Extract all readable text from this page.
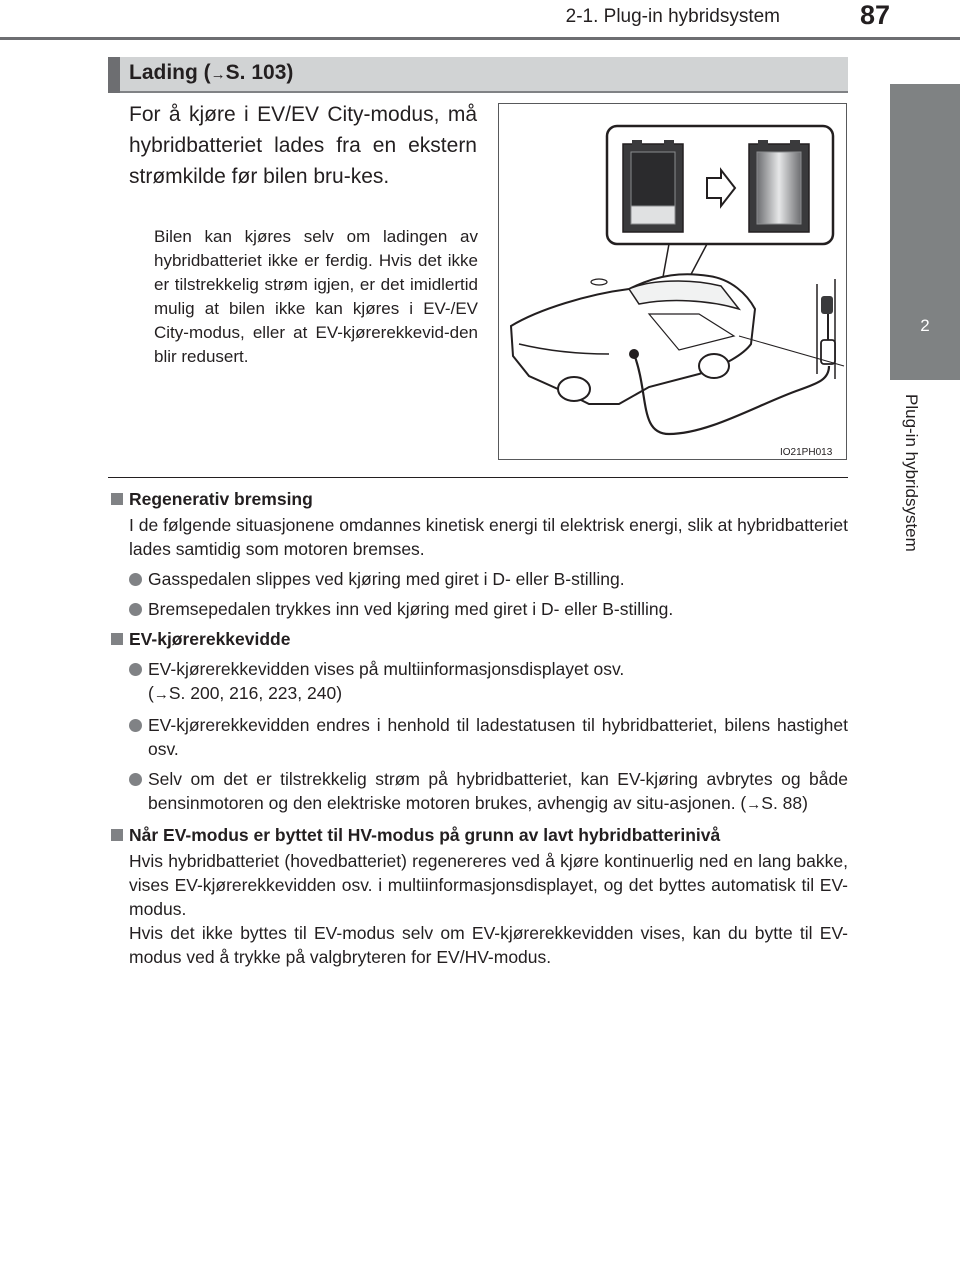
2-1. Plug-in hybridsystem	87
2
Plug-in hybridsystem
Lading (→S. 103)
For å kjøre i EV/EV City-modus, må hybridbatteriet lades fra en ekstern strømkilde før bilen bru-kes.
Bilen kan kjøres selv om ladingen av hybridbatteriet ikke er ferdig. Hvis det ikke er tilstrekkelig strøm igjen, er det imidlertid mulig at bilen ikke kan kjøres i EV-/EV City-modus, eller at EV-kjørerekkevid-den blir redusert.
IO21PH013
Regenerativ bremsing
I de følgende situasjonene omdannes kinetisk energi til elektrisk energi, slik at hybridbatteriet lades samtidig som motoren bremses.
Gasspedalen slippes ved kjøring med giret i D- eller B-stilling.
Bremsepedalen trykkes inn ved kjøring med giret i D- eller B-stilling.
EV-kjørerekkevidde
EV-kjørerekkevidden vises på multiinformasjonsdisplayet osv.
(→S. 200, 216, 223, 240)
EV-kjørerekkevidden endres i henhold til ladestatusen til hybridbatteriet, bilens hastighet osv.
Selv om det er tilstrekkelig strøm på hybridbatteriet, kan EV-kjøring avbrytes og både bensinmotoren og den elektriske motoren brukes, avhengig av situ-asjonen. (→S. 88)
Når EV-modus er byttet til HV-modus på grunn av lavt hybridbatterinivå
Hvis hybridbatteriet (hovedbatteriet) regenereres ved å kjøre kontinuerlig ned en lang bakke, vises EV-kjørerekkevidden osv. i multiinformasjonsdisplayet, og det byttes automatisk til EV-modus.
Hvis det ikke byttes til EV-modus selv om EV-kjørerekkevidden vises, kan du bytte til EV-modus ved å trykke på valgbryteren for EV/HV-modus.
